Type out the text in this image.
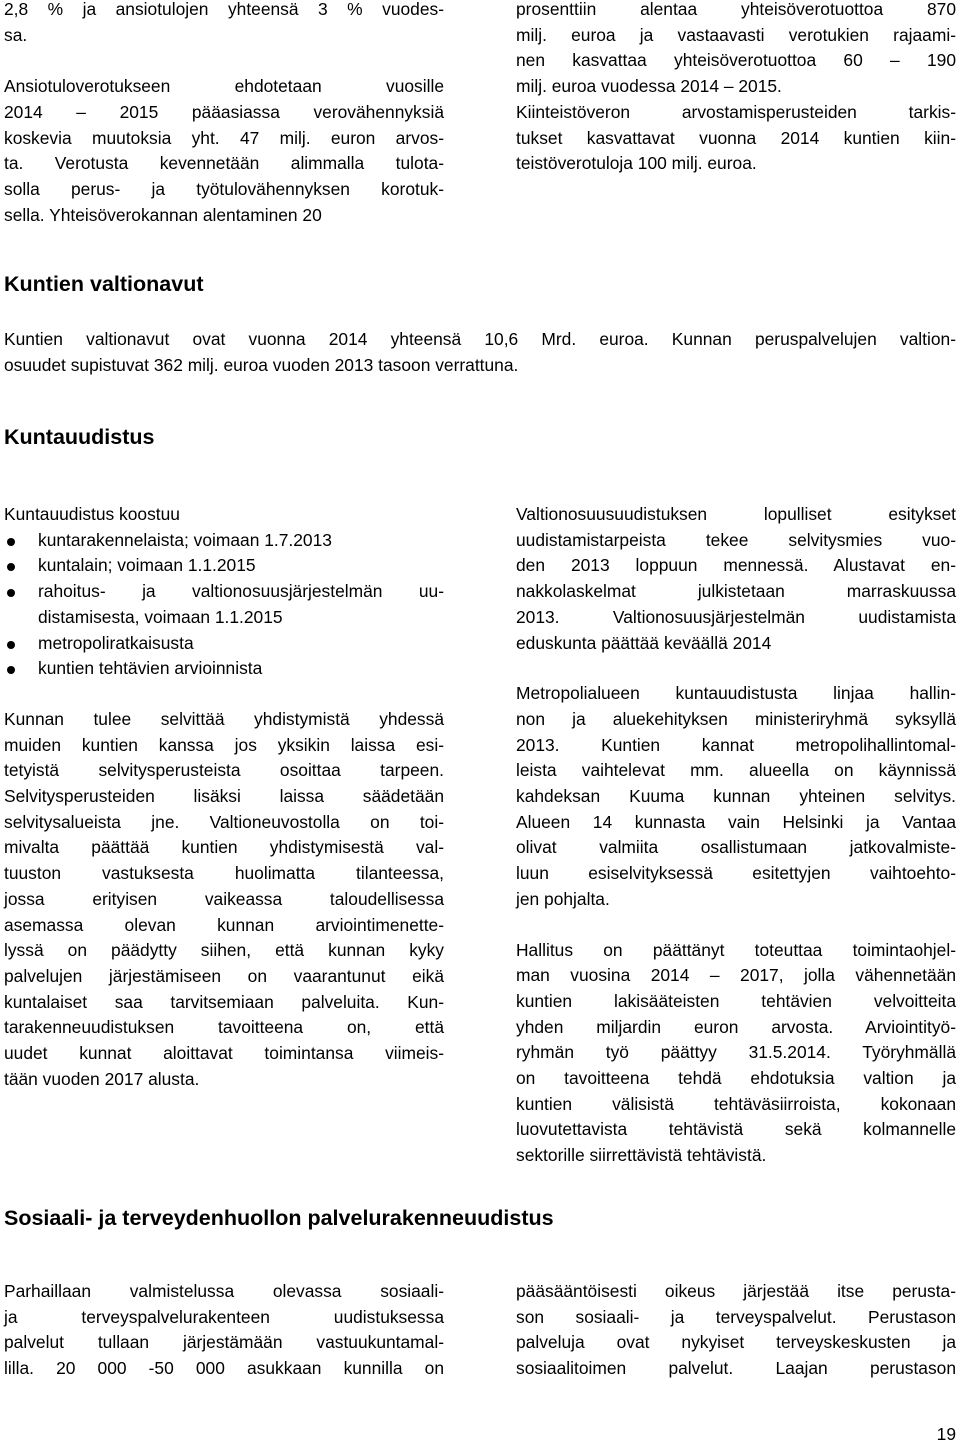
2,8 % ja ansiotulojen yhteensä 3 % vuodes-
sa.

Ansiotuloverotukseen ehdotetaan vuosille
2014 – 2015 pääasiassa verovähennyksiä
koskevia muutoksia yht. 47 milj. euron arvos-
ta. Verotusta kevennetään alimmalla tulota-
solla perus- ja työtulovähennyksen korotuk-
sella. Yhteisöverokannan alentaminen 20
prosenttiin alentaa yhteisöverotuottoa 870
milj. euroa ja vastaavasti verotukien rajaami-
nen kasvattaa yhteisöverotuottoa 60 – 190
milj. euroa vuodessa 2014 – 2015.
Kiinteistöveron arvostamisperusteiden tarkis-
tukset kasvattavat vuonna 2014 kuntien kiin-
teistöverotuloja 100 milj. euroa.
Kuntien valtionavut
Kuntien valtionavut ovat vuonna 2014 yhteensä 10,6 Mrd. euroa. Kunnan peruspalvelujen valtion-
osuudet supistuvat 362 milj. euroa vuoden 2013 tasoon verrattuna.
Kuntauudistus
Kuntauudistus koostuu
kuntarakennelaista; voimaan 1.7.2013
kuntalain; voimaan 1.1.2015
rahoitus- ja valtionosuusjärjestelmän uu-
distamisesta, voimaan 1.1.2015
metropoliratkaisusta
kuntien tehtävien arvioinnista
Kunnan tulee selvittää yhdistymistä yhdessä
muiden kuntien kanssa jos yksikin laissa esi-
tetyistä selvitysperusteista osoittaa tarpeen.
Selvitysperusteiden lisäksi laissa säädetään
selvitysalueista jne. Valtioneuvostolla on toi-
mivalta päättää kuntien yhdistymisestä val-
tuuston vastuksesta huolimatta tilanteessa,
jossa erityisen vaikeassa taloudellisessa
asemassa olevan kunnan arviointimenette-
lyssä on päädytty siihen, että kunnan kyky
palvelujen järjestämiseen on vaarantunut eikä
kuntalaiset saa tarvitsemiaan palveluita. Kun-
tarakenneuudistuksen tavoitteena on, että
uudet kunnat aloittavat toimintansa viimeis-
tään vuoden 2017 alusta.
Valtionosuusuudistuksen lopulliset esitykset
uudistamistarpeista tekee selvitysmies vuo-
den 2013 loppuun mennessä. Alustavat en-
nakkolaskelmat julkistetaan marraskuussa
2013. Valtionosuusjärjestelmän uudistamista
eduskunta päättää keväällä 2014
Metropolialueen kuntauudistusta linjaa hallin-
non ja aluekehityksen ministeriryhmä syksyllä
2013. Kuntien kannat metropolihallintomal-
leista vaihtelevat mm. alueella on käynnissä
kahdeksan Kuuma kunnan yhteinen selvitys.
Alueen 14 kunnasta vain Helsinki ja Vantaa
olivat valmiita osallistumaan jatkovalmiste-
luun esiselvityksessä esitettyjen vaihtoehto-
jen pohjalta.
Hallitus on päättänyt toteuttaa toimintaohjel-
man vuosina 2014 – 2017, jolla vähennetään
kuntien lakisääteisten tehtävien velvoitteita
yhden miljardin euron arvosta. Arviointityö-
ryhmän työ päättyy 31.5.2014. Työryhmällä
on tavoitteena tehdä ehdotuksia valtion ja
kuntien välisistä tehtäväsiirroista, kokonaan
luovutettavista tehtävistä sekä kolmannelle
sektorille siirrettävistä tehtävistä.
Sosiaali- ja terveydenhuollon palvelurakenneuudistus
Parhaillaan valmistelussa olevassa sosiaali-
ja terveyspalvelurakenteen uudistuksessa
palvelut tullaan järjestämään vastuukuntamal-
lilla. 20 000 -50 000 asukkaan kunnilla on
pääsääntöisesti oikeus järjestää itse perusta-
son sosiaali- ja terveyspalvelut. Perustason
palveluja ovat nykyiset terveyskeskusten ja
sosiaalitoimen palvelut. Laajan perustason
19
